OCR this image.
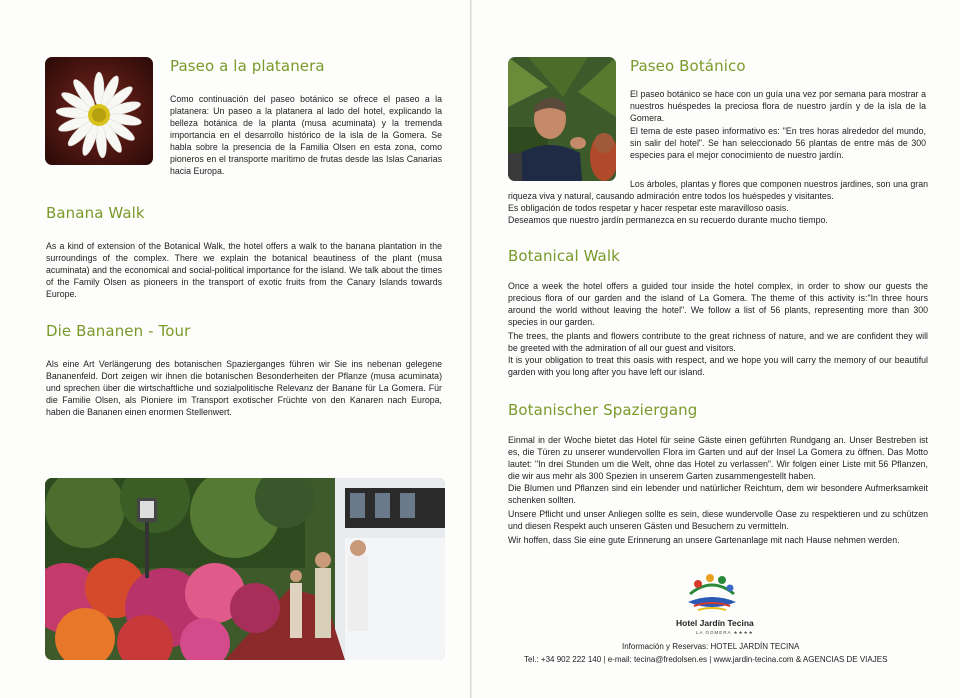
Paseo a la platanera

Como continuación del paseo botánico se ofrece el paseo a la platanera: Un paseo a la platanera al lado del hotel, explicando la belleza botánica de la planta (musa acuminata) y la tremenda importancia en el desarrollo histórico de la isla de la Gomera. Se habla sobre la presencia de la Familia Olsen en esta zona, como pioneros en el transporte marítimo de frutas desde las Islas Canarias hacia Europa.

Banana Walk

As a kind of extension of the Botanical Walk, the hotel offers a walk to the banana plantation in the surroundings of the complex. There we explain the botanical beautiness of the plant (musa acuminata) and the economical and social-political importance for the island. We talk about the times of the Family Olsen as pioneers in the transport of exotic fruits from the Canary Islands towards Europe.

Die Bananen - Tour

Als eine Art Verlängerung des botanischen Spazierganges führen wir Sie ins nebenan gelegene Bananenfeld. Dort zeigen wir ihnen die botanischen Besonderheiten der Pflanze (musa acuminata) und sprechen über die wirtschaftliche und sozialpolitische Relevanz der Banane für La Gomera. Für die Familie Olsen, als Pioniere im Transport exotischer Früchte von den Kanaren nach Europa, haben die Bananen einen enormen Stellenwert.

Paseo Botánico

El paseo botánico se hace con un guía una vez por semana para mostrar a nuestros huéspedes la preciosa flora de nuestro jardín y de la isla de la Gomera.

El tema de este paseo informativo es: "En tres horas alrededor del mundo, sin salir del hotel". Se han seleccionado 56 plantas de entre más de 300 especies para el mejor conocimiento de nuestro jardín.

Los árboles, plantas y flores que componen nuestros jardines, son una gran riqueza viva y natural, causando admiración entre todos los huéspedes y visitantes.

Es obligación de todos respetar y hacer respetar este maravilloso oasis.

Deseamos que nuestro jardín permanezca en su recuerdo durante mucho tiempo.

Botanical Walk

Once a week the hotel offers a guided tour inside the hotel complex, in order to show our guests the precious flora of our garden and the island of La Gomera. The theme of this activity is:"In three hours around the world without leaving the hotel". We follow a list of 56 plants, representing more than 300 species in our garden.

The trees, the plants and flowers contribute to the great richness of nature, and we are confident they will be greeted with the admiration of all our guest and visitors.

It is your obligation to treat this oasis with respect, and we hope you will carry the memory of our beautiful garden with you long after you have left our island.

Botanischer Spaziergang

Einmal in der Woche bietet das Hotel für seine Gäste einen geführten Rundgang an. Unser Bestreben ist es, die Türen zu unserer wundervollen Flora im Garten und auf der Insel La Gomera zu öffnen. Das Motto lautet: "In drei Stunden um die Welt, ohne das Hotel zu verlassen". Wir folgen einer Liste mit 56 Pflanzen, die wir aus mehr als 300 Spezien in unserem Garten zusammengestellt haben.

Die Blumen und Pflanzen sind ein lebender und natürlicher Reichtum, dem wir besondere Aufmerksamkeit schenken sollten.

Unsere Pflicht und unser Anliegen sollte es sein, diese wundervolle Oase zu respektieren und zu schützen und diesen Respekt auch unseren Gästen und Besuchern zu vermitteln.

Wir hoffen, dass Sie eine gute Erinnerung an unsere Gartenanlage mit nach Hause nehmen werden.

Hotel Jardín Tecina
LA GOMERA ★★★★
Información y Reservas: HOTEL JARDÍN TECINA
Tel.: +34 902 222 140 | e-mail: tecina@fredolsen.es | www.jardin-tecina.com & AGENCIAS DE VIAJES
